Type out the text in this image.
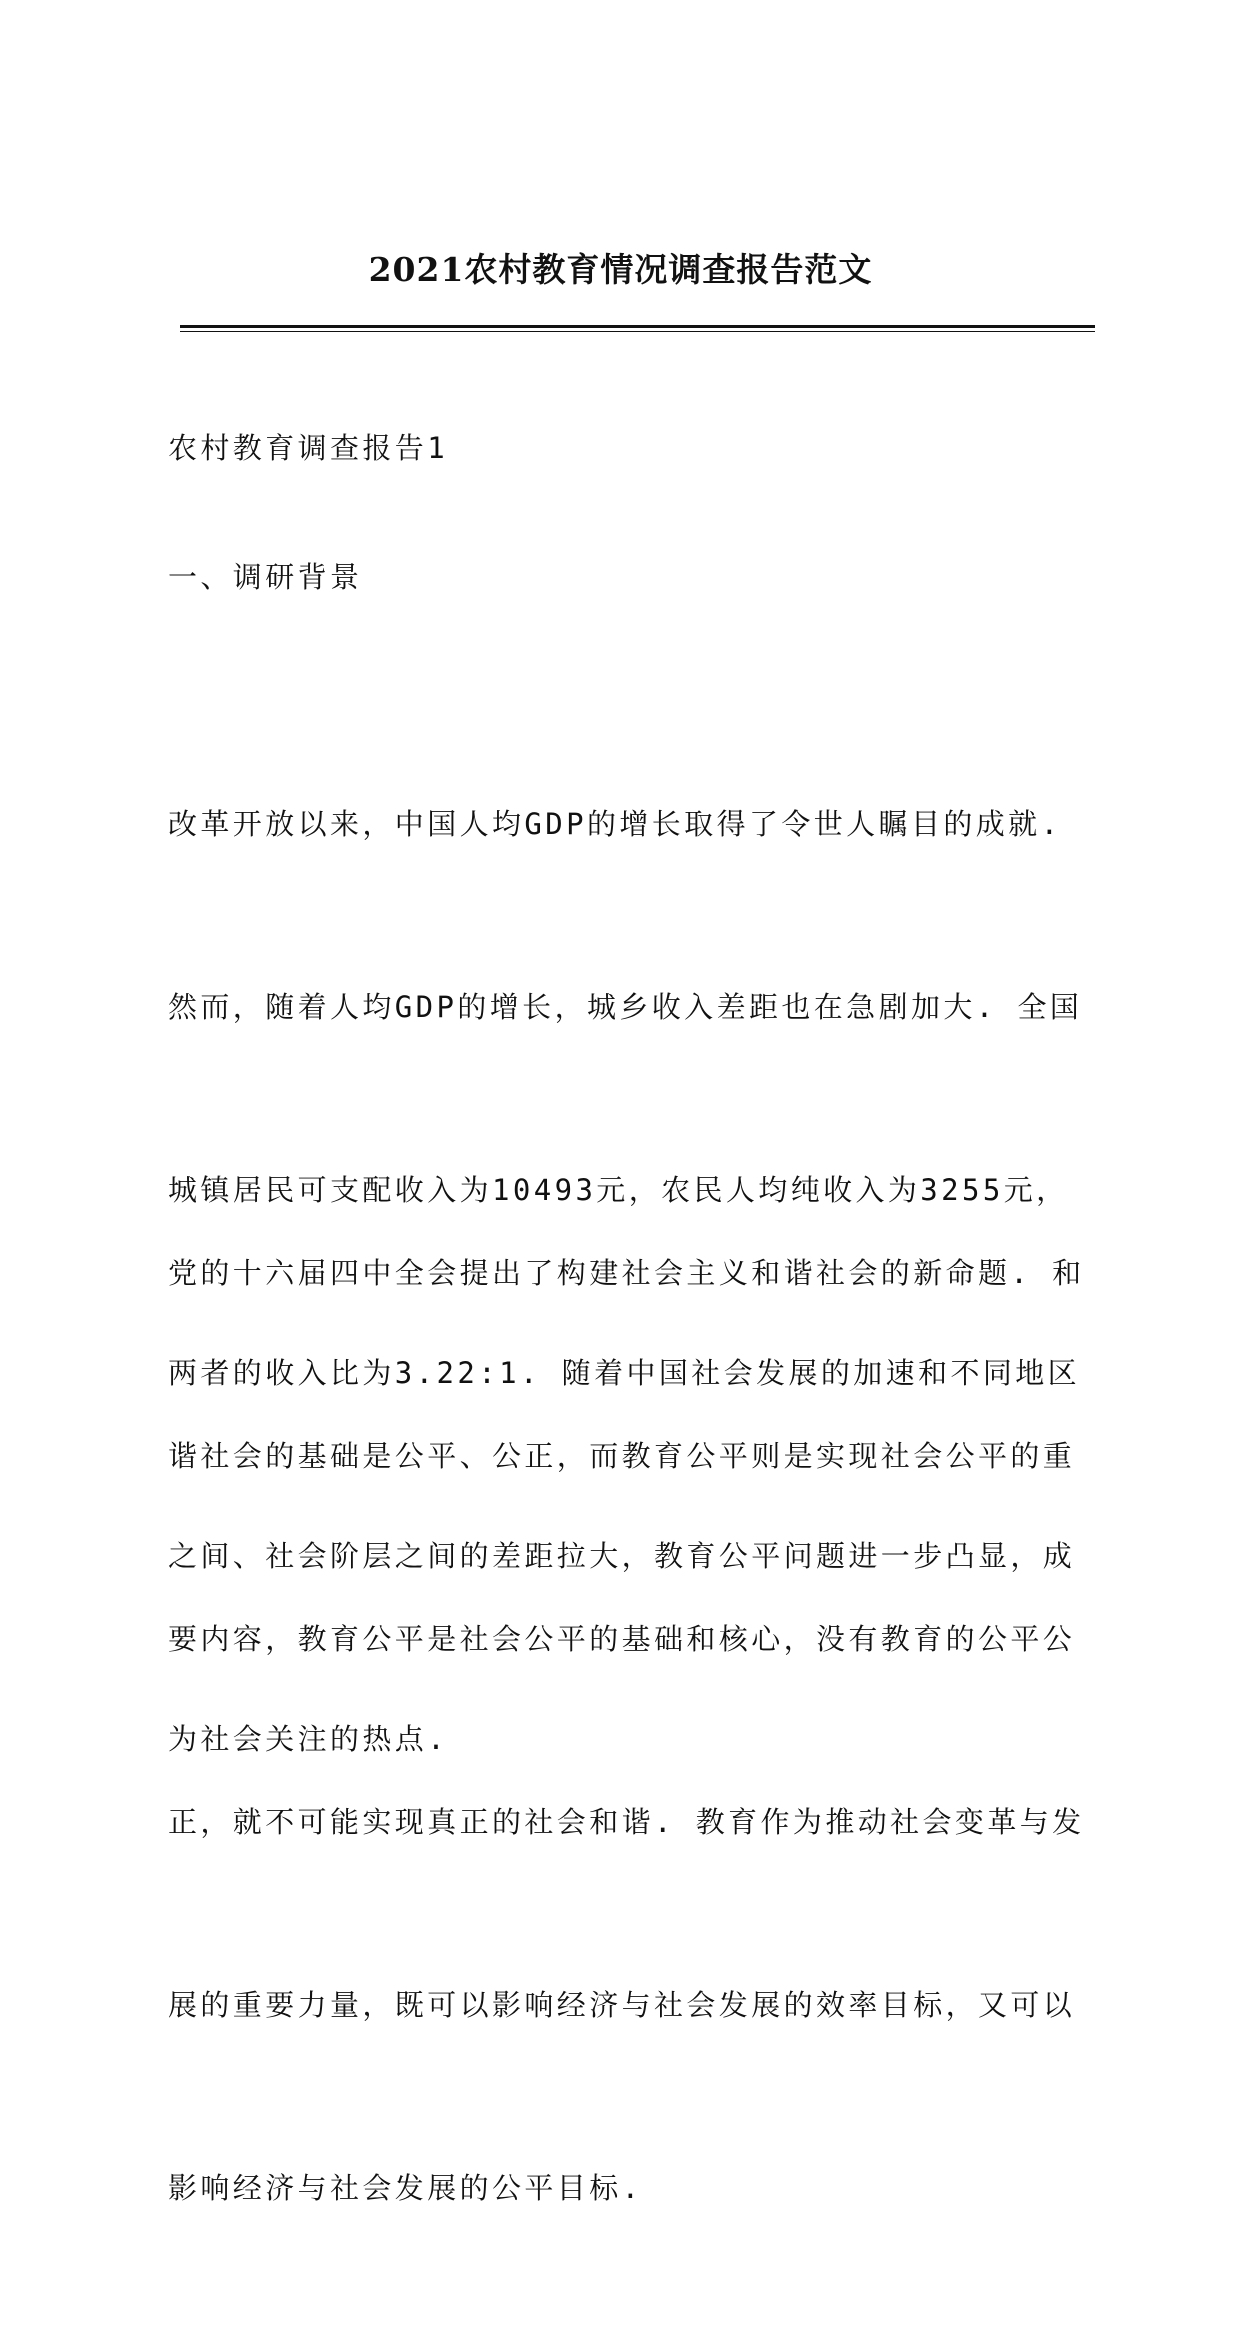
2021农村教育情况调查报告范文
农村教育调查报告1
一、调研背景

改革开放以来，中国人均GDP的增长取得了令世人瞩目的成就.

然而，随着人均GDP的增长，城乡收入差距也在急剧加大. 全国

城镇居民可支配收入为10493元，农民人均纯收入为3255元，

两者的收入比为3.22:1. 随着中国社会发展的加速和不同地区

之间、社会阶层之间的差距拉大，教育公平问题进一步凸显，成

为社会关注的热点.

党的十六届四中全会提出了构建社会主义和谐社会的新命题. 和

谐社会的基础是公平、公正，而教育公平则是实现社会公平的重

要内容，教育公平是社会公平的基础和核心，没有教育的公平公

正，就不可能实现真正的社会和谐. 教育作为推动社会变革与发

展的重要力量，既可以影响经济与社会发展的效率目标，又可以

影响经济与社会发展的公平目标.
